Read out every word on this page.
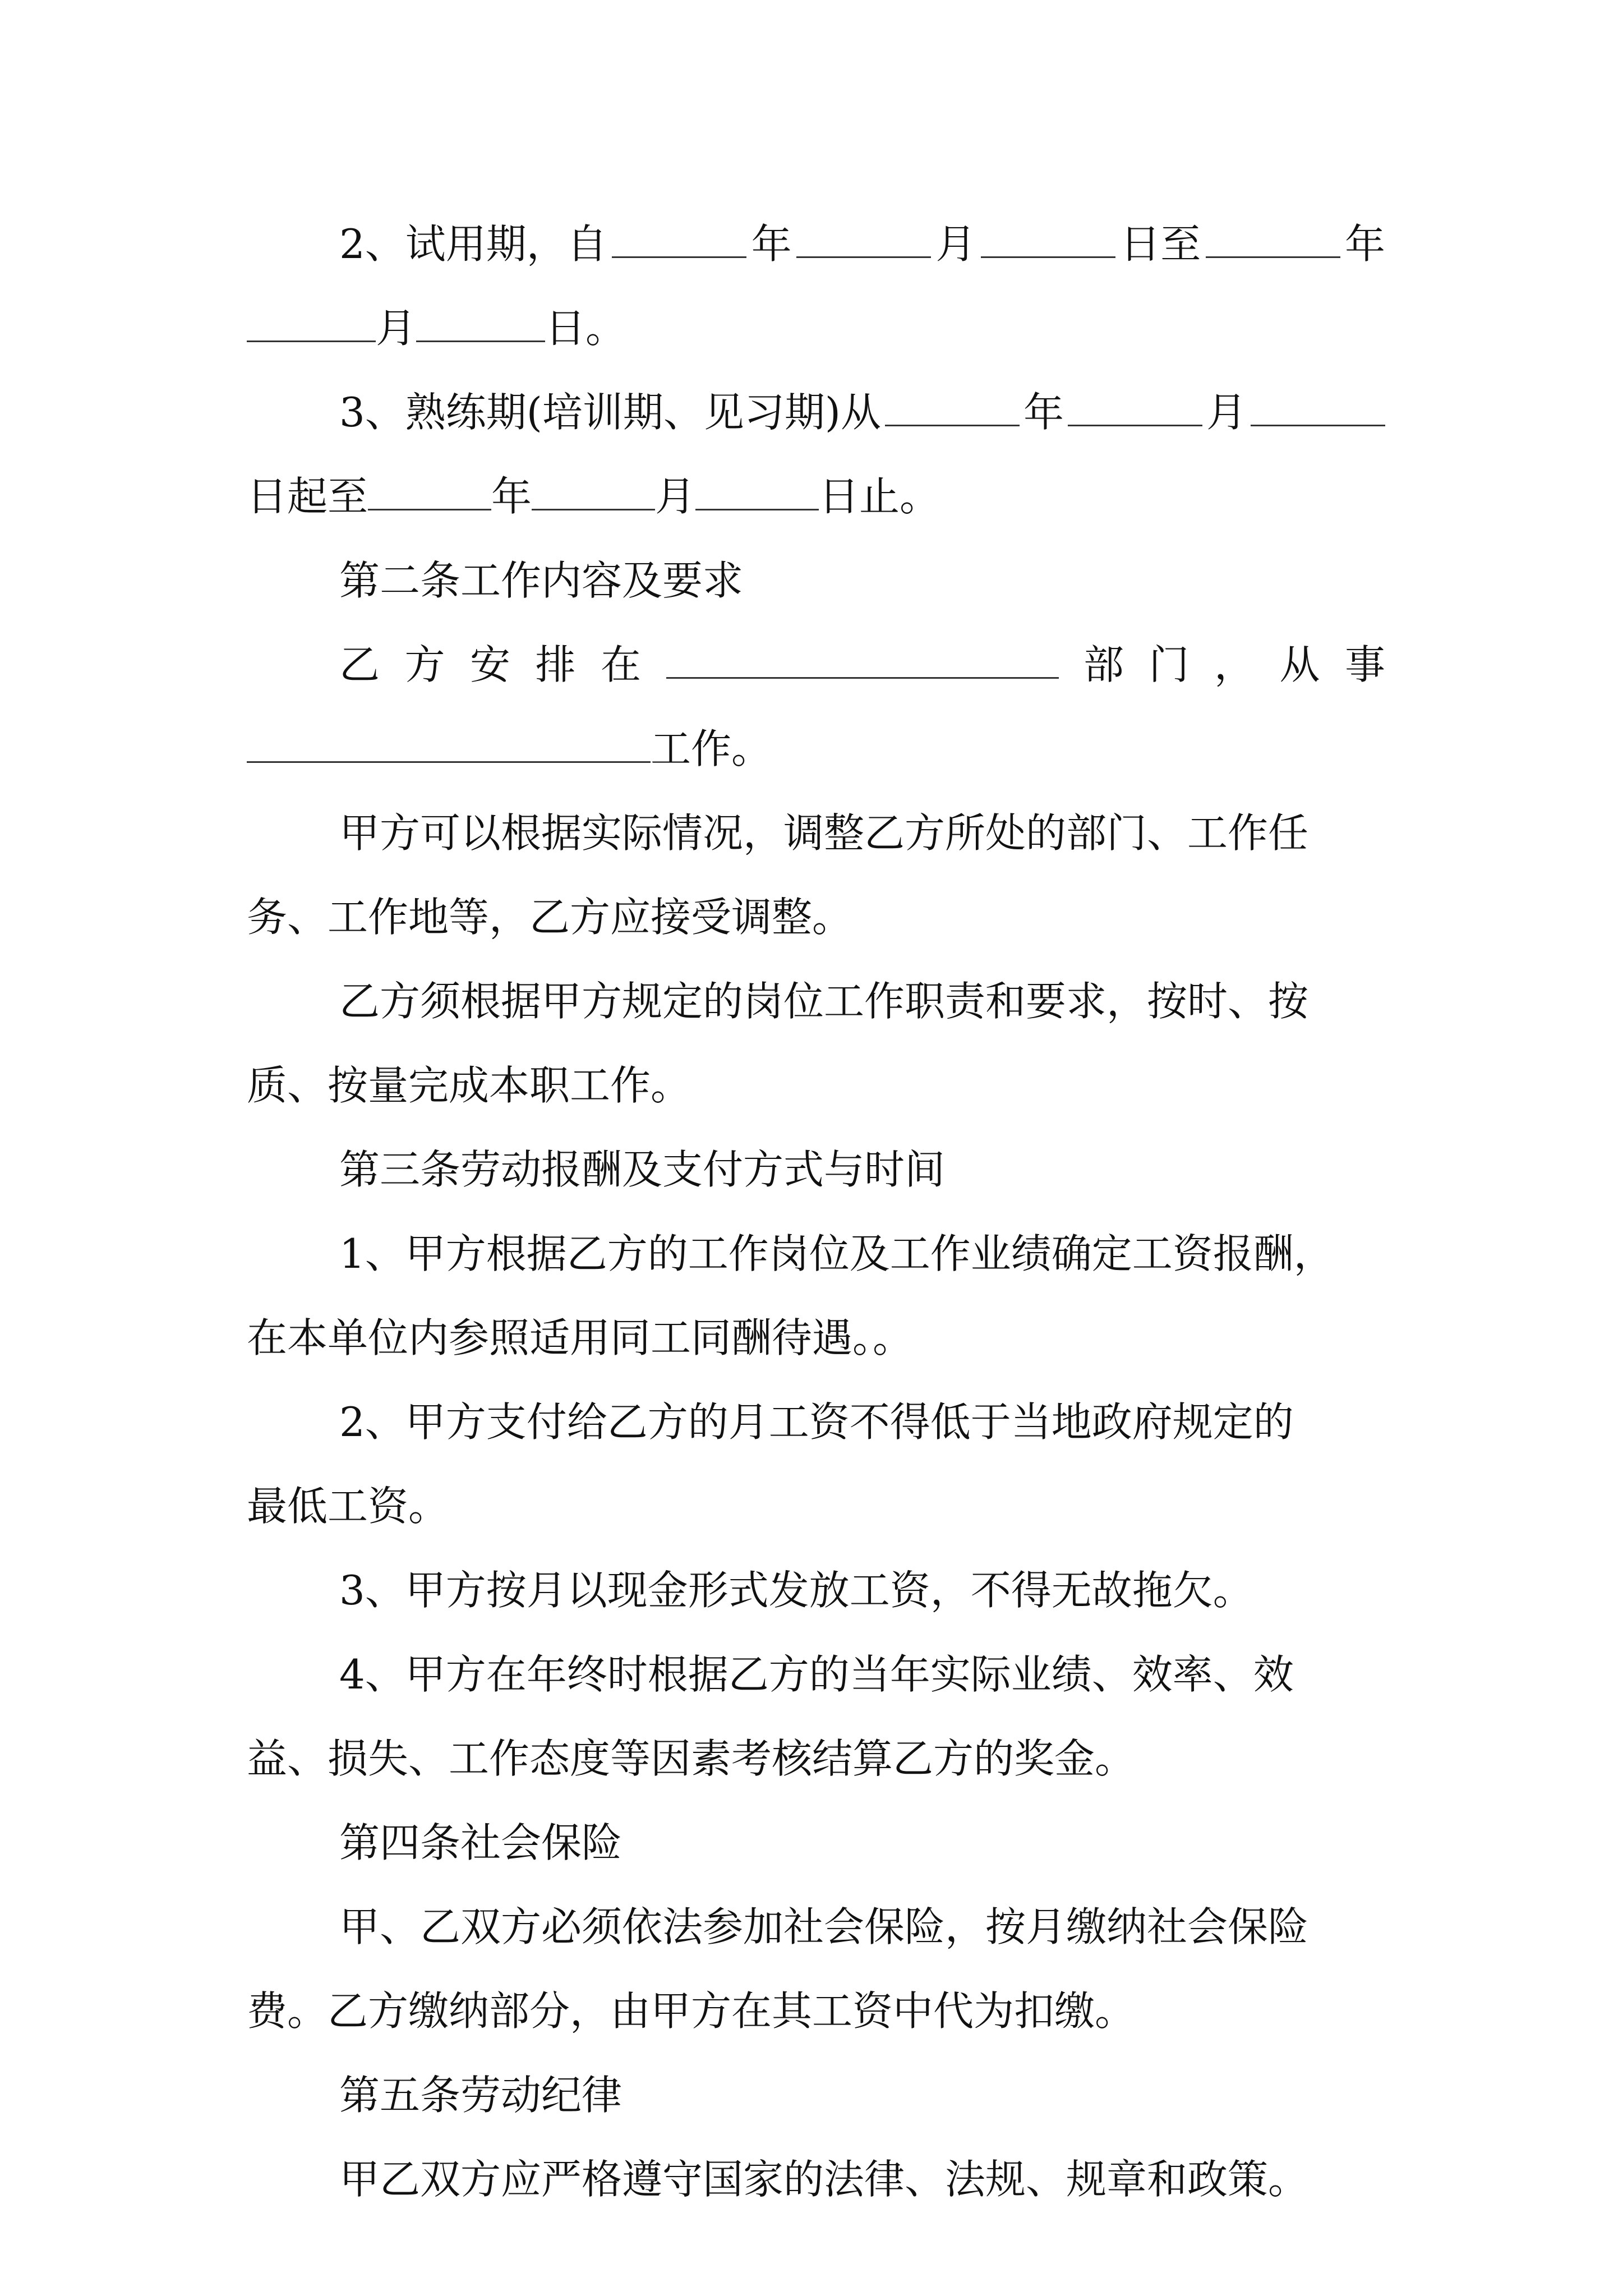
2、试用期，自	年	月	日至	年
月	日。
3、熟练期(培训期、见习期)从	年	月
日起至	年	月	日止。
第二条工作内容及要求
乙 方 安 排 在	部 门 ， 从 事
工作。
甲方可以根据实际情况，调整乙方所处的部门、工作任
务、工作地等，乙方应接受调整。
乙方须根据甲方规定的岗位工作职责和要求，按时、按
质、按量完成本职工作。
第三条劳动报酬及支付方式与时间
1、甲方根据乙方的工作岗位及工作业绩确定工资报酬，
在本单位内参照适用同工同酬待遇。。
2、甲方支付给乙方的月工资不得低于当地政府规定的
最低工资。
3、甲方按月以现金形式发放工资，不得无故拖欠。
4、甲方在年终时根据乙方的当年实际业绩、效率、效
益、损失、工作态度等因素考核结算乙方的奖金。
第四条社会保险
甲、乙双方必须依法参加社会保险，按月缴纳社会保险
费。乙方缴纳部分，由甲方在其工资中代为扣缴。
第五条劳动纪律
甲乙双方应严格遵守国家的法律、法规、规章和政策。
